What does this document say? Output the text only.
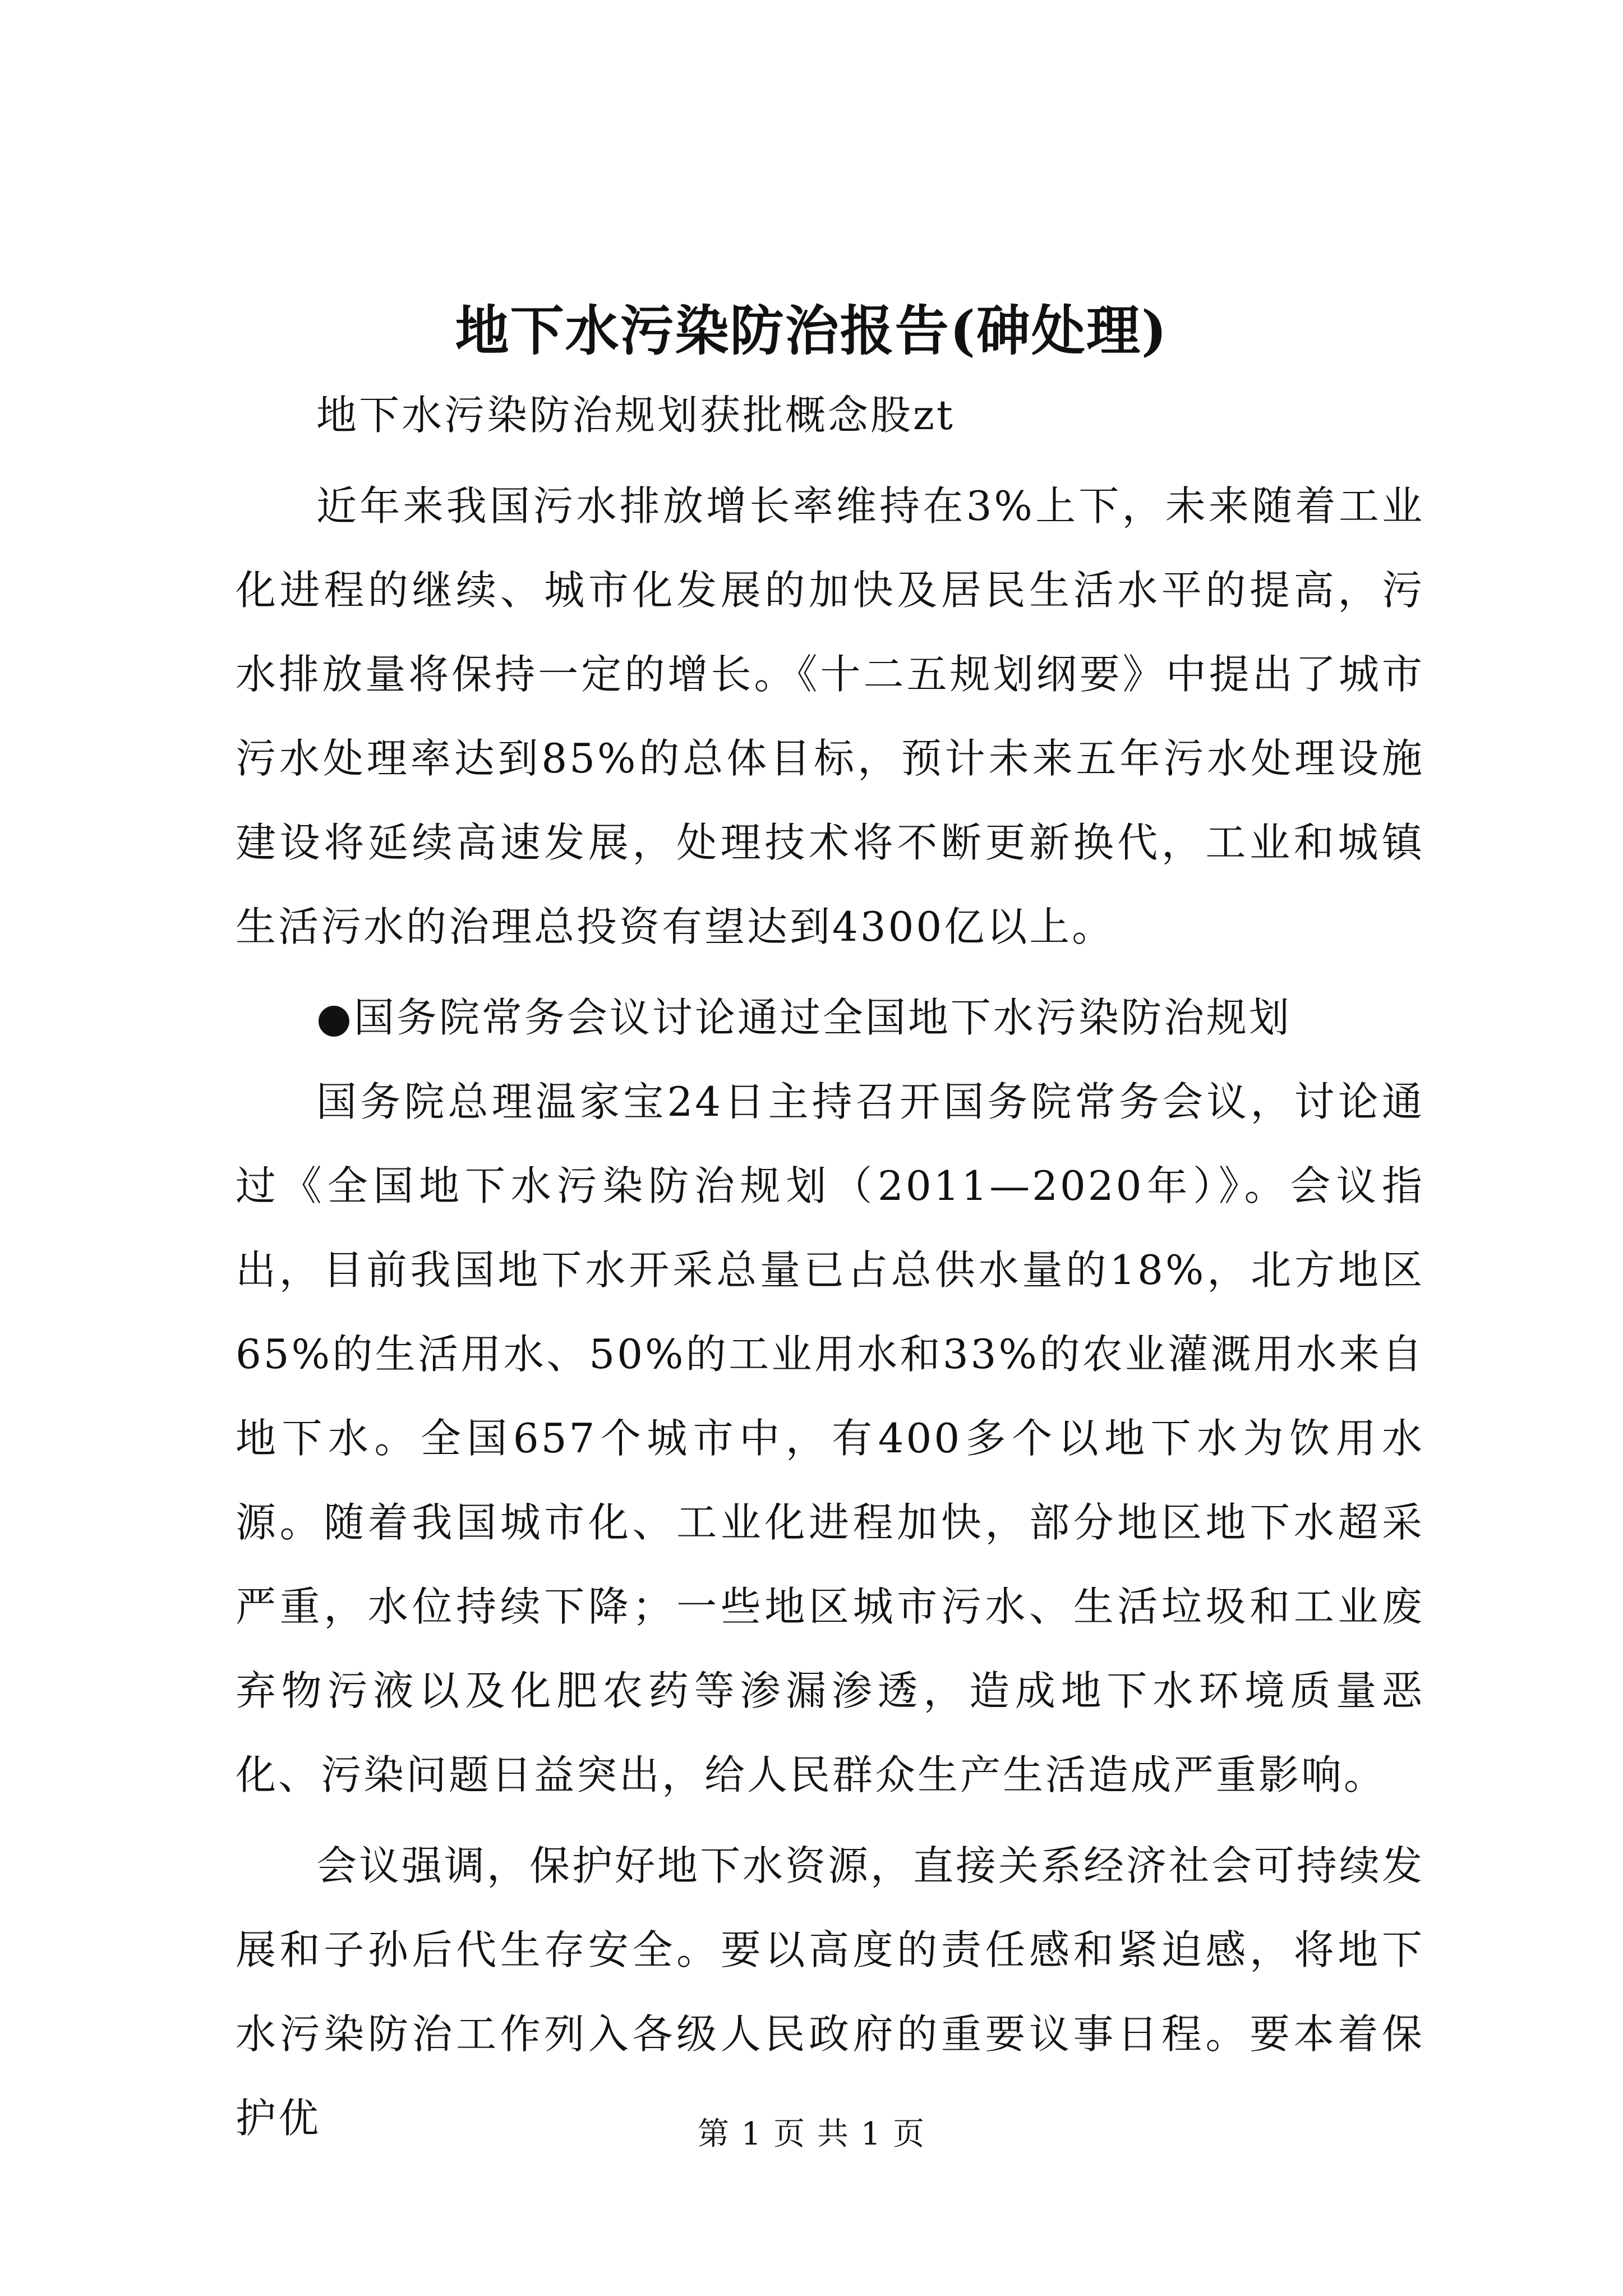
地下水污染防治报告(砷处理)

地下水污染防治规划获批概念股zt

近年来我国污水排放增长率维持在3%上下，未来随着工业化进程的继续、城市化发展的加快及居民生活水平的提高，污水排放量将保持一定的增长。《十二五规划纲要》中提出了城市污水处理率达到85%的总体目标，预计未来五年污水处理设施建设将延续高速发展，处理技术将不断更新换代，工业和城镇生活污水的治理总投资有望达到4300亿以上。

●国务院常务会议讨论通过全国地下水污染防治规划

国务院总理温家宝24日主持召开国务院常务会议，讨论通过《全国地下水污染防治规划（2011—2020年）》。会议指出，目前我国地下水开采总量已占总供水量的18%，北方地区65%的生活用水、50%的工业用水和33%的农业灌溉用水来自地下水。全国657个城市中，有400多个以地下水为饮用水源。随着我国城市化、工业化进程加快，部分地区地下水超采严重，水位持续下降；一些地区城市污水、生活垃圾和工业废弃物污液以及化肥农药等渗漏渗透，造成地下水环境质量恶化、污染问题日益突出，给人民群众生产生活造成严重影响。

会议强调，保护好地下水资源，直接关系经济社会可持续发展和子孙后代生存安全。要以高度的责任感和紧迫感，将地下水污染防治工作列入各级人民政府的重要议事日程。要本着保护优	第 1 页 共 1 页
